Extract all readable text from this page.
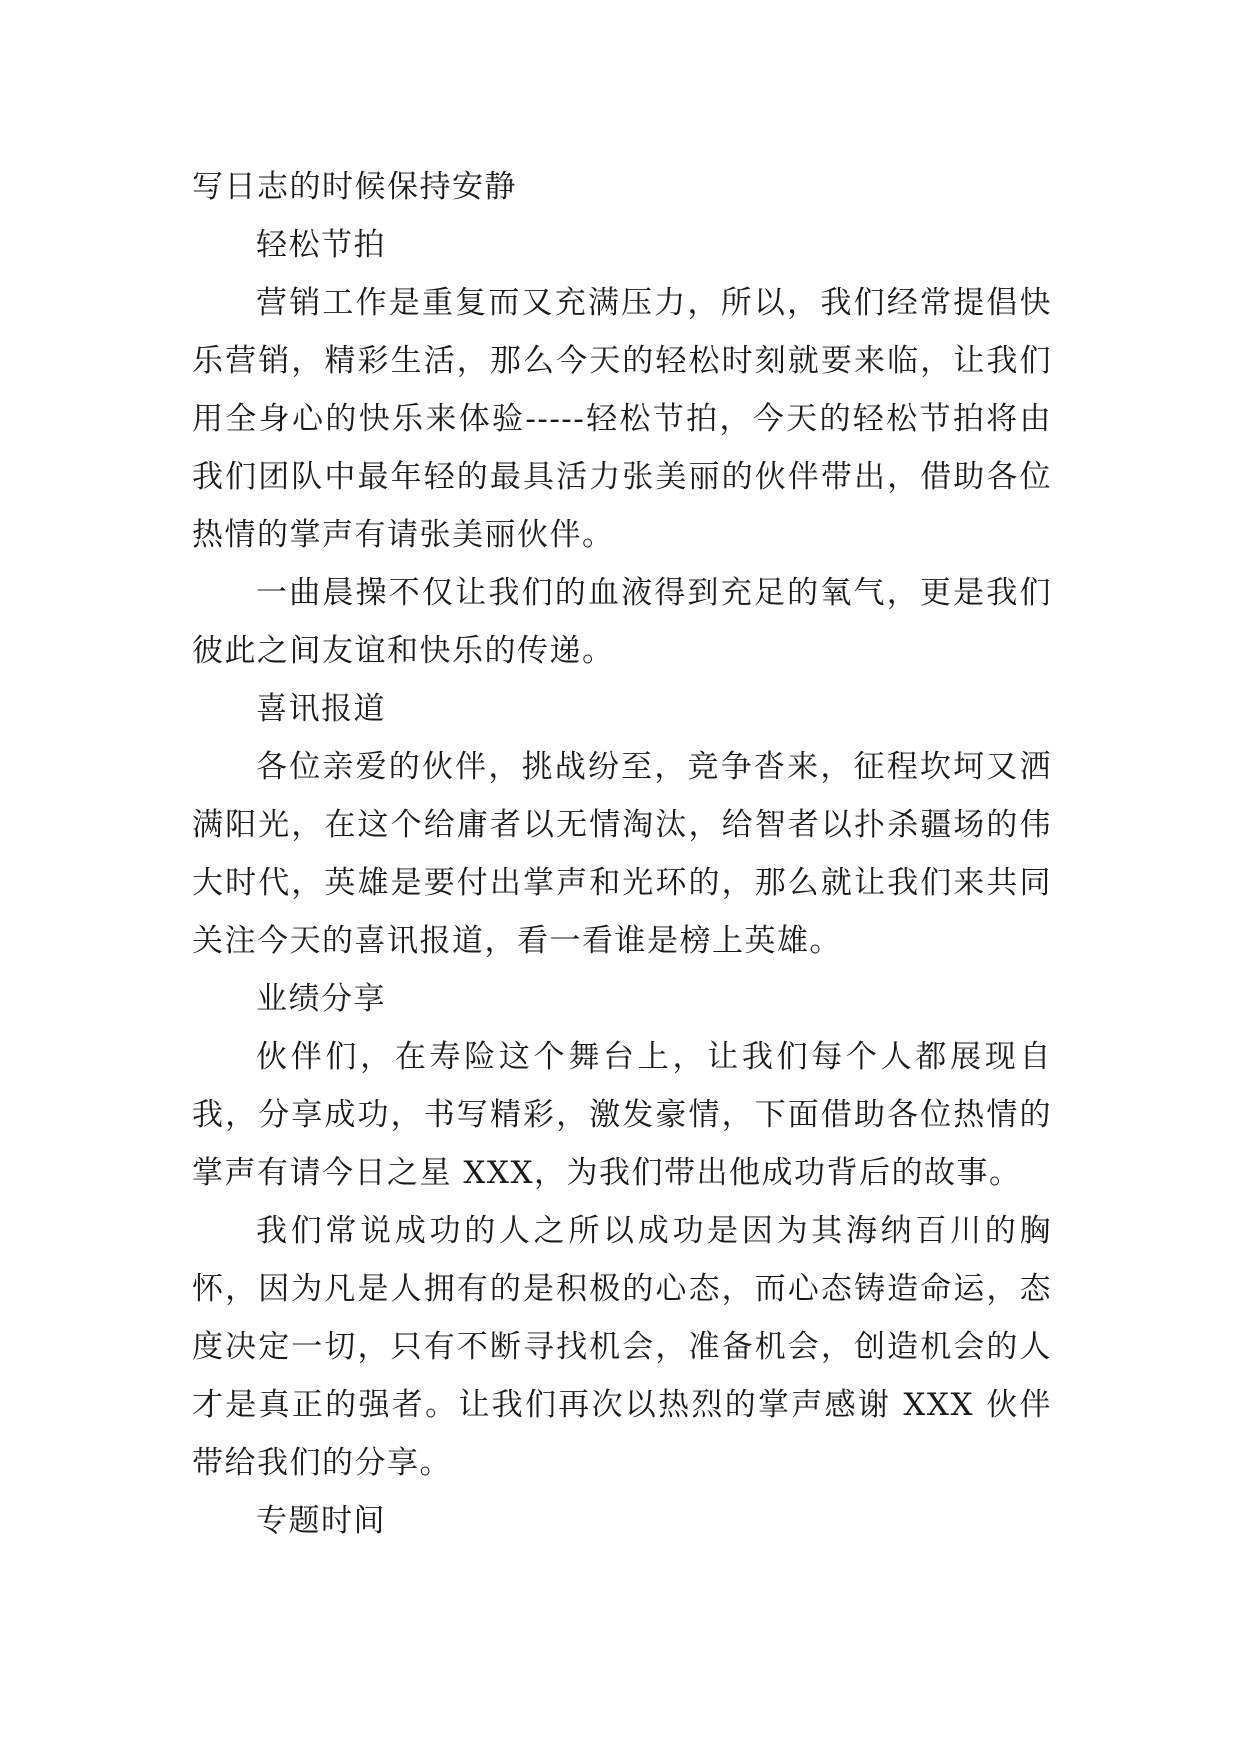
写日志的时候保持安静

轻松节拍

营销工作是重复而又充满压力，所以，我们经常提倡快乐营销，精彩生活，那么今天的轻松时刻就要来临，让我们用全身心的快乐来体验-----轻松节拍，今天的轻松节拍将由我们团队中最年轻的最具活力张美丽的伙伴带出，借助各位热情的掌声有请张美丽伙伴。

一曲晨操不仅让我们的血液得到充足的氧气，更是我们彼此之间友谊和快乐的传递。

喜讯报道

各位亲爱的伙伴，挑战纷至，竞争沓来，征程坎坷又洒满阳光，在这个给庸者以无情淘汰，给智者以扑杀疆场的伟大时代，英雄是要付出掌声和光环的，那么就让我们来共同关注今天的喜讯报道，看一看谁是榜上英雄。

业绩分享

伙伴们，在寿险这个舞台上，让我们每个人都展现自我，分享成功，书写精彩，激发豪情，下面借助各位热情的掌声有请今日之星 XXX，为我们带出他成功背后的故事。

我们常说成功的人之所以成功是因为其海纳百川的胸怀，因为凡是人拥有的是积极的心态，而心态铸造命运，态度决定一切，只有不断寻找机会，准备机会，创造机会的人才是真正的强者。让我们再次以热烈的掌声感谢 XXX 伙伴带给我们的分享。

专题时间
